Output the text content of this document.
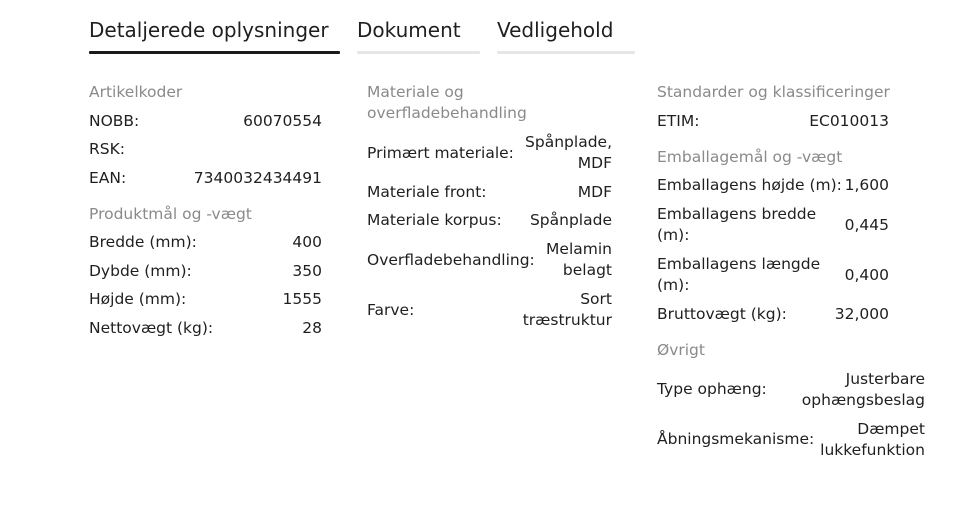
Detaljerede oplysninger	Dokument	Vedligehold
Artikelkoder
NOBB:	60070554
RSK:
EAN:	7340032434491
Produktmål og -vægt
Bredde (mm):	400
Dybde (mm):	350
Højde (mm):	1555
Nettovægt (kg):	28
Materiale og overfladebehandling
Primært materiale:
Spånplade, MDF
Materiale front:	MDF
Materiale korpus: Spånplade
Overfladebehandling:
Melamin belagt
Farve:
Sort træstruktur
Standarder og klassificeringer
ETIM:	EC010013
Emballagemål og -vægt
Emballagens højde (m): 1,600
Emballagens bredde (m):
0,445
Emballagens længde (m):
0,400
Bruttovægt (kg):	32,000
Øvrigt
Type ophæng:
Justerbare ophængsbeslag
Åbningsmekanisme:
Dæmpet lukkefunktion
